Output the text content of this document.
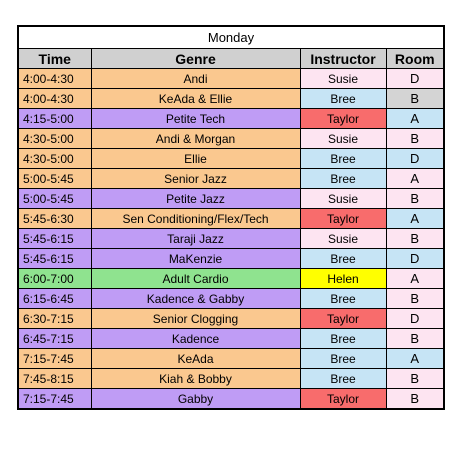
Monday			
Time	Genre	Instructor	Room
4:00-4:30	Andi	Susie	D
4:00-4:30	KeAda & Ellie	Bree	B
4:15-5:00	Petite Tech	Taylor	A
4:30-5:00	Andi & Morgan	Susie	B
4:30-5:00	Ellie	Bree	D
5:00-5:45	Senior Jazz	Bree	A
5:00-5:45	Petite Jazz	Susie	B
5:45-6:30	Sen Conditioning/Flex/Tech	Taylor	A
5:45-6:15	Taraji Jazz	Susie	B
5:45-6:15	MaKenzie	Bree	D
6:00-7:00	Adult Cardio	Helen	A
6:15-6:45	Kadence & Gabby	Bree	B
6:30-7:15	Senior Clogging	Taylor	D
6:45-7:15	Kadence	Bree	B
7:15-7:45	KeAda	Bree	A
7:45-8:15	Kiah & Bobby	Bree	B
7:15-7:45	Gabby	Taylor	B
